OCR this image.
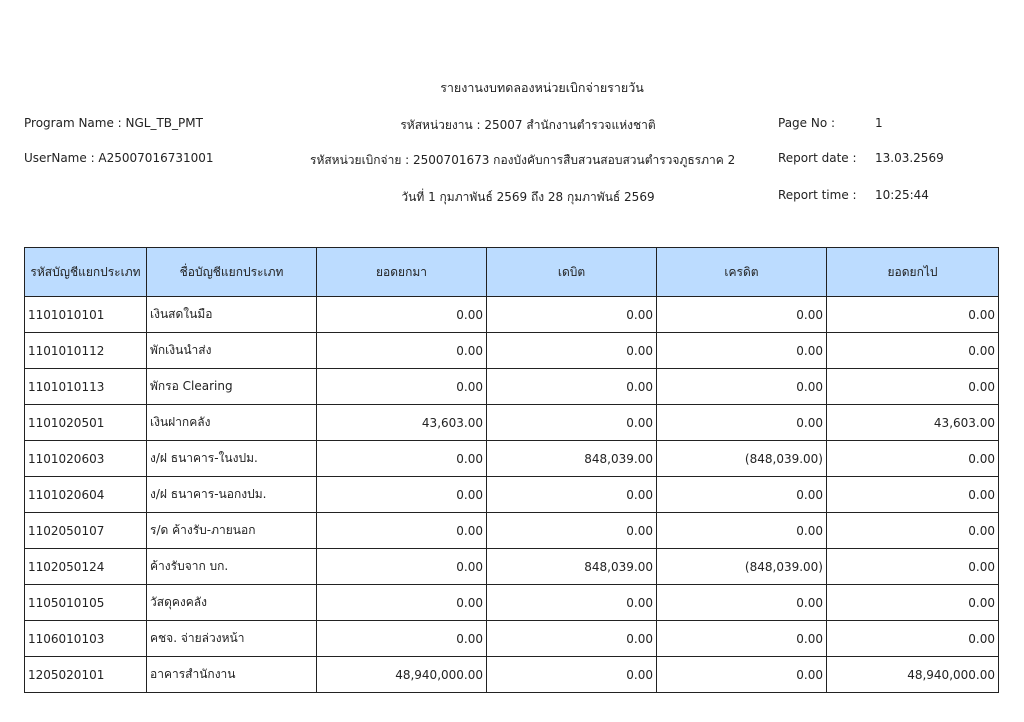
รายงานงบทดลองหน่วยเบิกจ่ายรายวัน
Program Name : NGL_TB_PMT	รหัสหน่วยงาน : 25007 สำนักงานตำรวจแห่งชาติ	Page No :	1
UserName : A25007016731001	รหัสหน่วยเบิกจ่าย : 2500701673 กองบังคับการสืบสวนสอบสวนตำรวจภูธรภาค 2	Report date : 13.03.2569
วันที่ 1 กุมภาพันธ์ 2569 ถึง 28 กุมภาพันธ์ 2569	Report time : 10:25:44
รหัสบัญชีแยกประเภท	ชื่อบัญชีแยกประเภท	ยอดยกมา	เดบิต	เครดิต	ยอดยกไป
1101010101	เงินสดในมือ	0.00	0.00	0.00	0.00
1101010112	พักเงินนำส่ง	0.00	0.00	0.00	0.00
1101010113	พักรอ Clearing	0.00	0.00	0.00	0.00
1101020501	เงินฝากคลัง	43,603.00	0.00	0.00	43,603.00
1101020603	ง/ฝ ธนาคาร-ในงปม.	0.00	848,039.00	(848,039.00)	0.00
1101020604	ง/ฝ ธนาคาร-นอกงปม.	0.00	0.00	0.00	0.00
1102050107	ร/ด ค้างรับ-ภายนอก	0.00	0.00	0.00	0.00
1102050124	ค้างรับจาก บก.	0.00	848,039.00	(848,039.00)	0.00
1105010105	วัสดุคงคลัง	0.00	0.00	0.00	0.00
1106010103	คชจ. จ่ายล่วงหน้า	0.00	0.00	0.00	0.00
1205020101	อาคารสำนักงาน	48,940,000.00	0.00	0.00	48,940,000.00
